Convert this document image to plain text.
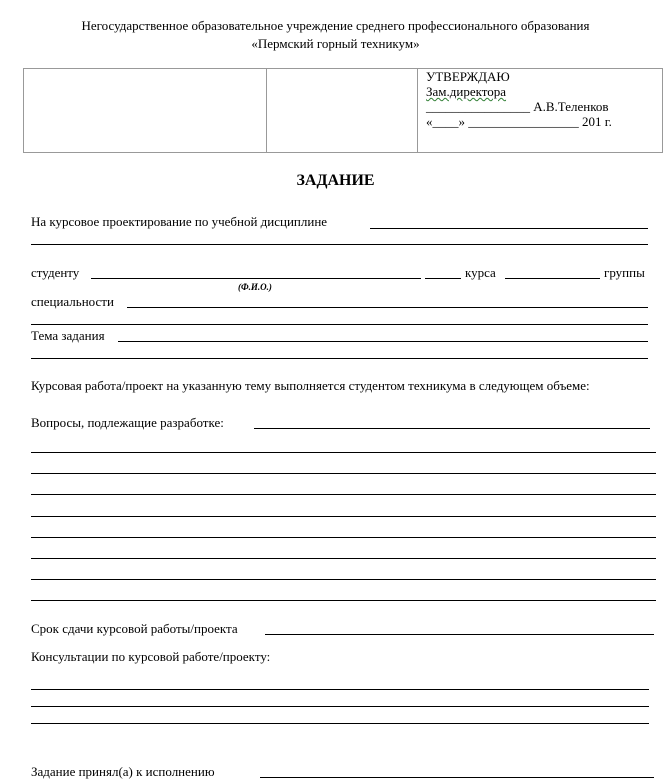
Негосударственное образовательное учреждение среднего профессионального образования
«Пермский горный техникум»

УТВЕРЖДАЮ
Зам.директора
________________ А.В.Теленков
«____» _________________ 201 г.
ЗАДАНИЕ
На курсовое проектирование по учебной дисциплине
студенту	курса	группы
(Ф.И.О.)
специальности
Тема задания
Курсовая работа/проект на указанную тему выполняется студентом техникума в следующем объеме:
Вопросы, подлежащие разработке:
Срок сдачи курсовой работы/проекта
Консультации по курсовой работе/проекту:
Задание принял(а) к исполнению
